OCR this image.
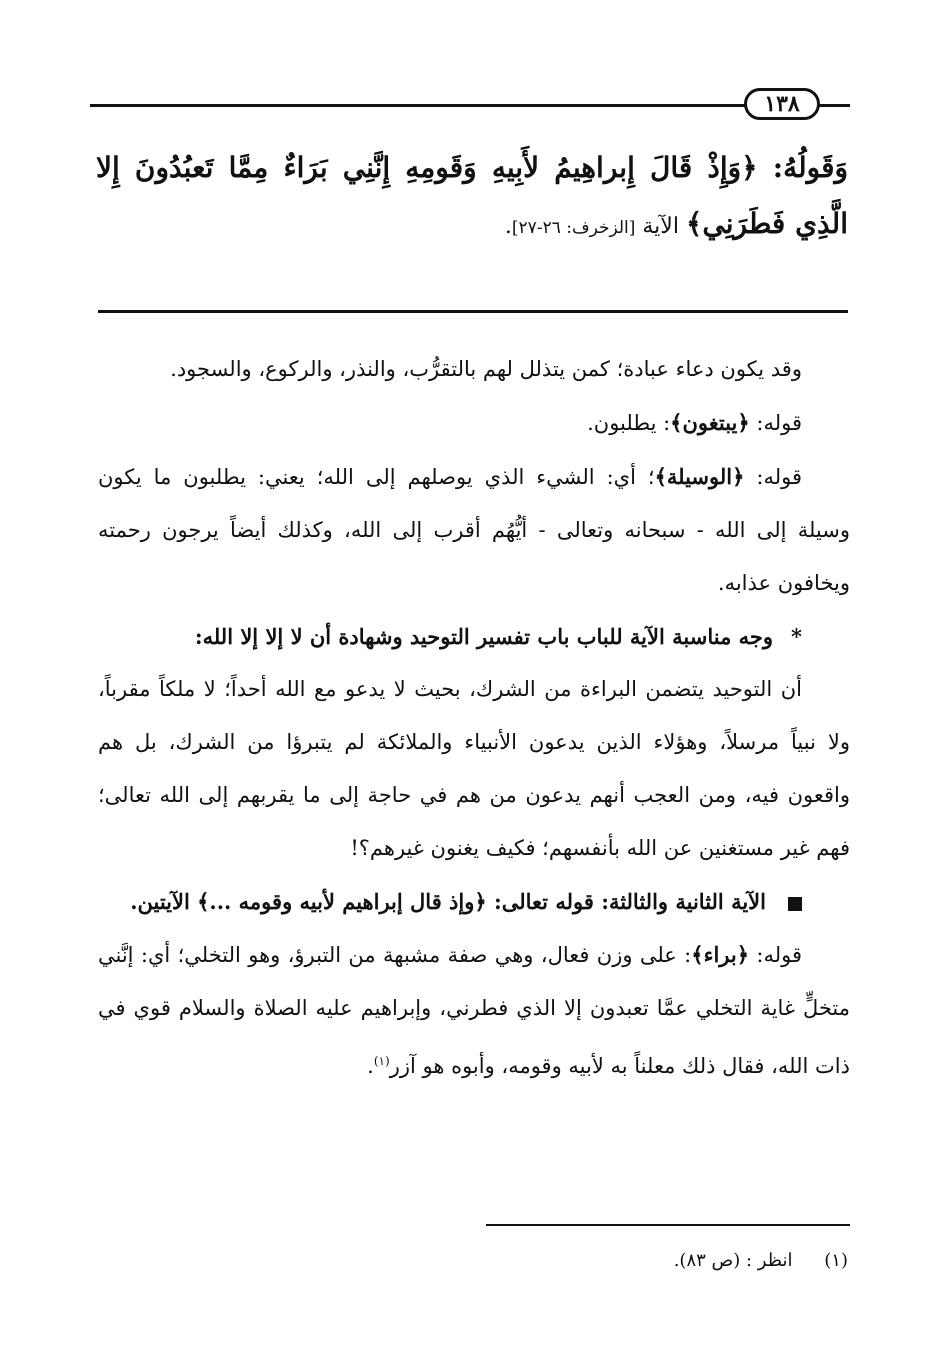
١٣٨
وَقَولُهُ: ﴿وَإِذْ قَالَ إِبراهِيمُ لأَبِيهِ وَقَومِهِ إِنَّنِي بَرَاءٌ مِمَّا تَعبُدُونَ إِلا الَّذِي فَطَرَنِي﴾ الآية [الزخرف: ٢٦-٢٧].

وقد يكون دعاء عبادة؛ كمن يتذلل لهم بالتقرُّب، والنذر، والركوع، والسجود.

قوله: ﴿يبتغون﴾: يطلبون.

قوله: ﴿الوسيلة﴾؛ أي: الشيء الذي يوصلهم إلى الله؛ يعني: يطلبون ما يكون وسيلة إلى الله - سبحانه وتعالى - أيُّهُم أقرب إلى الله، وكذلك أيضاً يرجون رحمته ويخافون عذابه.

*وجه مناسبة الآية للباب باب تفسير التوحيد وشهادة أن لا إلا إلا الله:

أن التوحيد يتضمن البراءة من الشرك، بحيث لا يدعو مع الله أحداً؛ لا ملكاً مقرباً، ولا نبياً مرسلاً، وهؤلاء الذين يدعون الأنبياء والملائكة لم يتبرؤا من الشرك، بل هم واقعون فيه، ومن العجب أنهم يدعون من هم في حاجة إلى ما يقربهم إلى الله تعالى؛ فهم غير مستغنين عن الله بأنفسهم؛ فكيف يغنون غيرهم؟!

الآية الثانية والثالثة: قوله تعالى: ﴿وإذ قال إبراهيم لأبيه وقومه ...﴾ الآيتين.

قوله: ﴿براء﴾: على وزن فعال، وهي صفة مشبهة من التبرؤ، وهو التخلي؛ أي: إنَّني متخلٍّ غاية التخلي عمَّا تعبدون إلا الذي فطرني، وإبراهيم عليه الصلاة والسلام قوي في ذات الله، فقال ذلك معلناً به لأبيه وقومه، وأبوه هو آزر$^{(١)}$.

(١) انظر : (ص ٨٣).
